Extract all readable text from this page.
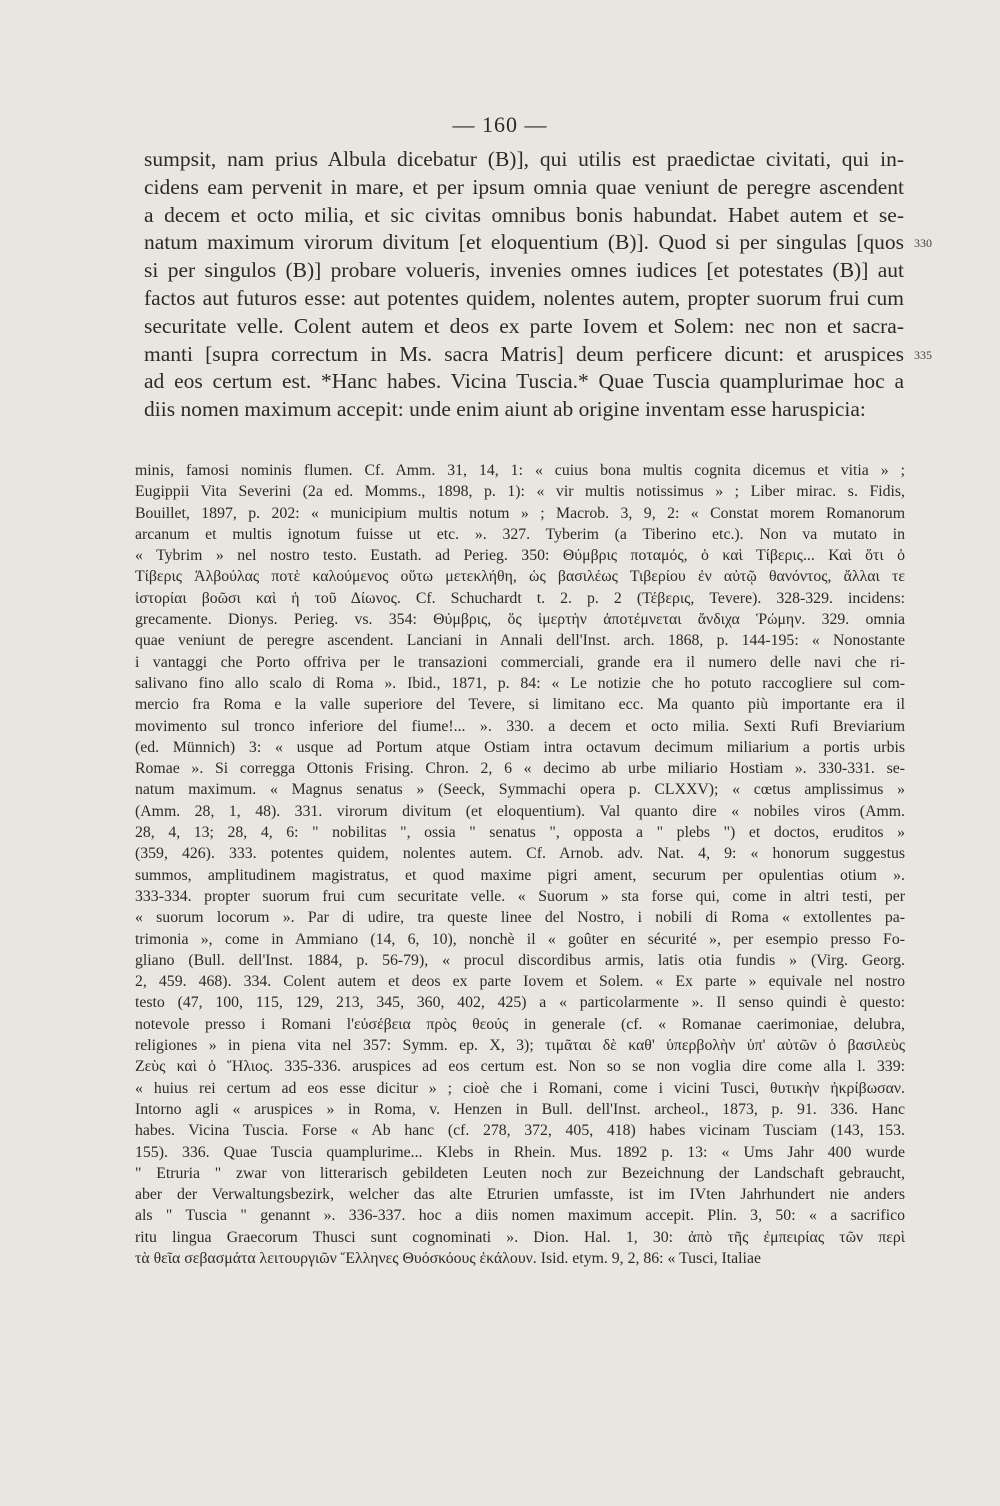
— 160 —
sumpsit, nam prius Albula dicebatur (B)], qui utilis est praedictae civitati, qui in-
cidens eam pervenit in mare, et per ipsum omnia quae veniunt de peregre ascendent
a decem et octo milia, et sic civitas omnibus bonis habundat. Habet autem et se-
natum maximum virorum divitum [et eloquentium (B)]. Quod si per singulas [quos
si per singulos (B)] probare volueris, invenies omnes iudices [et potestates (B)] aut
factos aut futuros esse: aut potentes quidem, nolentes autem, propter suorum frui cum
securitate velle. Colent autem et deos ex parte Iovem et Solem: nec non et sacra-
manti [supra correctum in Ms. sacra Matris] deum perficere dicunt: et aruspices
ad eos certum est. *Hanc habes. Vicina Tuscia.* Quae Tuscia quamplurimae hoc a
diis nomen maximum accepit: unde enim aiunt ab origine inventam esse haruspicia:
330
335
minis, famosi nominis flumen. Cf. Amm. 31, 14, 1: « cuius bona multis cognita dicemus et vitia » ;
Eugippii Vita Severini (2a ed. Momms., 1898, p. 1): « vir multis notissimus » ; Liber mirac. s. Fidis,
Bouillet, 1897, p. 202: « municipium multis notum » ; Macrob. 3, 9, 2: « Constat morem Romanorum
arcanum et multis ignotum fuisse ut etc. ». 327. Tyberim (a Tiberino etc.). Non va mutato in
« Tybrim » nel nostro testo. Eustath. ad Perieg. 350: Θύμβρις ποταμός, ὁ καὶ Τίβερις... Καὶ ὅτι ὁ
Τίβερις Ἀλβούλας ποτὲ καλούμενος οὕτω μετεκλήθη, ὡς βασιλέως Τιβερίου ἐν αὐτῷ θανόντος, ἄλλαι τε
ἱστορίαι βοῶσι καὶ ἡ τοῦ Δίωνος. Cf. Schuchardt t. 2. p. 2 (Τέβερις, Tevere). 328-329. incidens:
grecamente. Dionys. Perieg. vs. 354: Θύμβρις, ὅς ἱμερτὴν ἀποτέμνεται ἄνδιχα Ῥώμην. 329. omnia
quae veniunt de peregre ascendent. Lanciani in Annali dell'Inst. arch. 1868, p. 144-195: « Nonostante
i vantaggi che Porto offriva per le transazioni commerciali, grande era il numero delle navi che ri-
salivano fino allo scalo di Roma ». Ibid., 1871, p. 84: « Le notizie che ho potuto raccogliere sul com-
mercio fra Roma e la valle superiore del Tevere, si limitano ecc. Ma quanto più importante era il
movimento sul tronco inferiore del fiume!... ». 330. a decem et octo milia. Sexti Rufi Breviarium
(ed. Münnich) 3: « usque ad Portum atque Ostiam intra octavum decimum miliarium a portis urbis
Romae ». Si corregga Ottonis Frising. Chron. 2, 6 « decimo ab urbe miliario Hostiam ». 330-331. se-
natum maximum. « Magnus senatus » (Seeck, Symmachi opera p. CLXXV); « cœtus amplissimus »
(Amm. 28, 1, 48). 331. virorum divitum (et eloquentium). Val quanto dire « nobiles viros (Amm.
28, 4, 13; 28, 4, 6: " nobilitas ", ossia " senatus ", opposta a " plebs ") et doctos, eruditos »
(359, 426). 333. potentes quidem, nolentes autem. Cf. Arnob. adv. Nat. 4, 9: « honorum suggestus
summos, amplitudinem magistratus, et quod maxime pigri ament, securum per opulentias otium ».
333-334. propter suorum frui cum securitate velle. « Suorum » sta forse qui, come in altri testi, per
« suorum locorum ». Par di udire, tra queste linee del Nostro, i nobili di Roma « extollentes pa-
trimonia », come in Ammiano (14, 6, 10), nonchè il « goûter en sécurité », per esempio presso Fo-
gliano (Bull. dell'Inst. 1884, p. 56-79), « procul discordibus armis, latis otia fundis » (Virg. Georg.
2, 459. 468). 334. Colent autem et deos ex parte Iovem et Solem. « Ex parte » equivale nel nostro
testo (47, 100, 115, 129, 213, 345, 360, 402, 425) a « particolarmente ». Il senso quindi è questo:
notevole presso i Romani l'εὐσέβεια πρὸς θεούς in generale (cf. « Romanae caerimoniae, delubra,
religiones » in piena vita nel 357: Symm. ep. X, 3); τιμᾶται δὲ καθ' ὑπερβολὴν ὑπ' αὐτῶν ὁ βασιλεὺς
Ζεὺς καὶ ὁ Ἥλιος. 335-336. aruspices ad eos certum est. Non so se non voglia dire come alla l. 339:
« huius rei certum ad eos esse dicitur » ; cioè che i Romani, come i vicini Tusci, θυτικὴν ἠκρίβωσαν.
Intorno agli « aruspices » in Roma, v. Henzen in Bull. dell'Inst. archeol., 1873, p. 91. 336. Hanc
habes. Vicina Tuscia. Forse « Ab hanc (cf. 278, 372, 405, 418) habes vicinam Tusciam (143, 153.
155). 336. Quae Tuscia quamplurime... Klebs in Rhein. Mus. 1892 p. 13: « Ums Jahr 400 wurde
" Etruria " zwar von litterarisch gebildeten Leuten noch zur Bezeichnung der Landschaft gebraucht,
aber der Verwaltungsbezirk, welcher das alte Etrurien umfasste, ist im IVten Jahrhundert nie anders
als " Tuscia " genannt ». 336-337. hoc a diis nomen maximum accepit. Plin. 3, 50: « a sacrifico
ritu lingua Graecorum Thusci sunt cognominati ». Dion. Hal. 1, 30: ἀπὸ τῆς ἐμπειρίας τῶν περὶ
τὰ θεῖα σεβασμάτα λειτουργιῶν Ἕλληνες Θυόσκόους ἐκάλουν. Isid. etym. 9, 2, 86: « Tusci, Italiae
